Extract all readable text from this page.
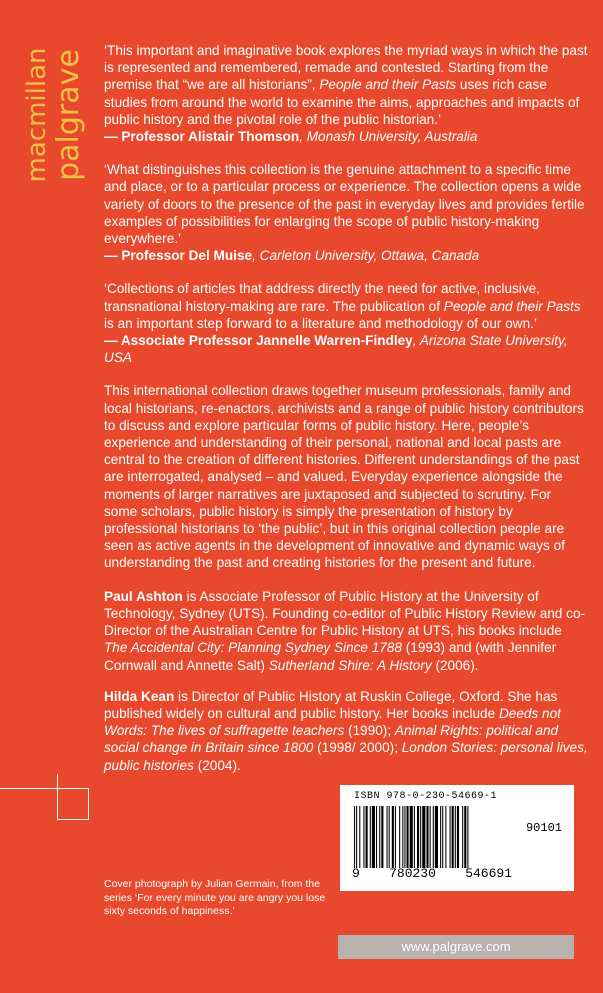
palgrave
macmillan	‘This important and imaginative book explores the myriad ways in which the past is represented and remembered, remade and contested. Starting from the premise that “we are all historians”, People and their Pasts uses rich case studies from around the world to examine the aims, approaches and impacts of public history and the pivotal role of the public historian.’
— Professor Alistair Thomson, Monash University, Australia

‘What distinguishes this collection is the genuine attachment to a specific time and place, or to a particular process or experience. The collection opens a wide variety of doors to the presence of the past in everyday lives and provides fertile examples of possibilities for enlarging the scope of public history-making everywhere.’
— Professor Del Muise, Carleton University, Ottawa, Canada

‘Collections of articles that address directly the need for active, inclusive, transnational history-making are rare. The publication of People and their Pasts is an important step forward to a literature and methodology of our own.’
— Associate Professor Jannelle Warren-Findley, Arizona State University, USA

This international collection draws together museum professionals, family and local historians, re-enactors, archivists and a range of public history contributors to discuss and explore particular forms of public history. Here, people’s experience and understanding of their personal, national and local pasts are central to the creation of different histories. Different understandings of the past are interrogated, analysed – and valued. Everyday experience alongside the moments of larger narratives are juxtaposed and subjected to scrutiny. For some scholars, public history is simply the presentation of history by professional historians to ‘the public’, but in this original collection people are seen as active agents in the development of innovative and dynamic ways of understanding the past and creating histories for the present and future.

Paul Ashton is Associate Professor of Public History at the University of Technology, Sydney (UTS). Founding co-editor of Public History Review and co-Director of the Australian Centre for Public History at UTS, his books include The Accidental City: Planning Sydney Since 1788 (1993) and (with Jennifer Cornwall and Annette Salt) Sutherland Shire: A History (2006).

Hilda Kean is Director of Public History at Ruskin College, Oxford. She has published widely on cultural and public history. Her books include Deeds not Words: The lives of suffragette teachers (1990); Animal Rights: political and social change in Britain since 1800 (1998/ 2000); London Stories: personal lives, public histories (2004).

Cover photograph by Julian Germain, from the series ‘For every minute you are angry you lose sixty seconds of happiness.’
ISBN 978-0-230-54669-1
90101
9 780230 546691
www.palgrave.com
